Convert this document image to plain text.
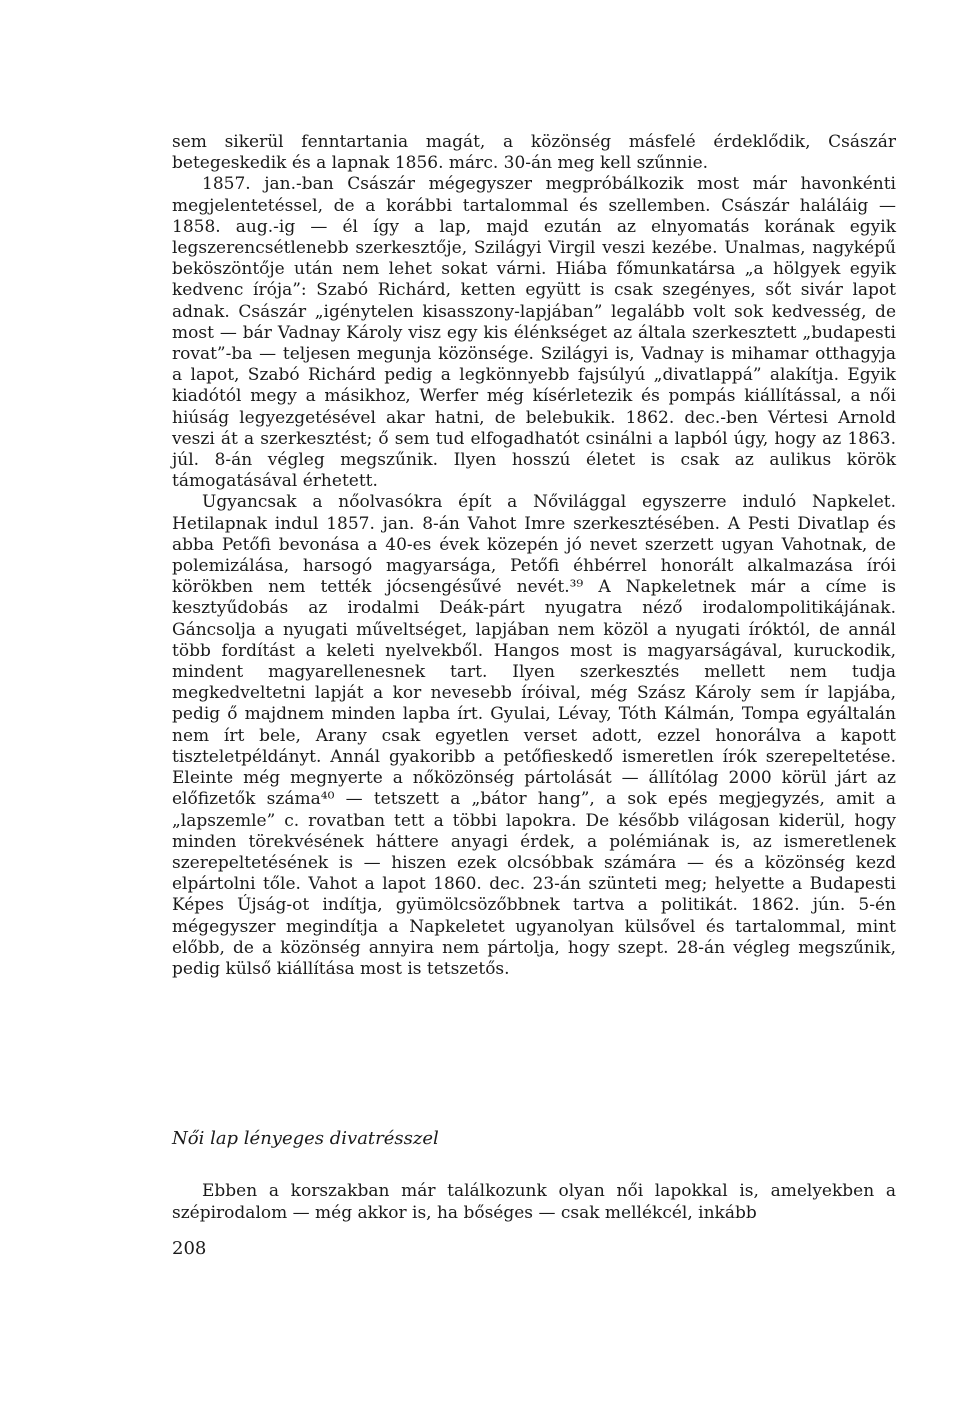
sem sikerül fenntartania magát, a közönség másfelé érdeklődik, Császár betegeskedik és a lapnak 1856. márc. 30-án meg kell szűnnie.

1857. jan.-ban Császár mégegyszer megpróbálkozik most már havonkénti megjelentetéssel, de a korábbi tartalommal és szellemben. Császár haláláig — 1858. aug.-ig — él így a lap, majd ezután az elnyomatás korának egyik legszerencsétlenebb szerkesztője, Szilágyi Virgil veszi kezébe. Unalmas, nagyképű beköszöntője után nem lehet sokat várni. Hiába főmunkatársa „a hölgyek egyik kedvenc írója”: Szabó Richárd, ketten együtt is csak szegényes, sőt sivár lapot adnak. Császár „igénytelen kisasszony-lapjában” legalább volt sok kedvesség, de most — bár Vadnay Károly visz egy kis élénkséget az általa szerkesztett „budapesti rovat”-ba — teljesen megunja közönsége. Szilágyi is, Vadnay is mihamar otthagyja a lapot, Szabó Richárd pedig a legkönnyebb fajsúlyú „divatlappá” alakítja. Egyik kiadótól megy a másikhoz, Werfer még kísérletezik és pompás kiállítással, a női hiúság legyezgetésével akar hatni, de belebukik. 1862. dec.-ben Vértesi Arnold veszi át a szerkesztést; ő sem tud elfogadhatót csinálni a lapból úgy, hogy az 1863. júl. 8-án végleg megszűnik. Ilyen hosszú életet is csak az aulikus körök támogatásával érhetett.

Ugyancsak a nőolvasókra épít a Nővilággal egyszerre induló Napkelet. Hetilapnak indul 1857. jan. 8-án Vahot Imre szerkesztésében. A Pesti Divatlap és abba Petőfi bevonása a 40-es évek közepén jó nevet szerzett ugyan Vahotnak, de polemizálása, harsogó magyarsága, Petőfi éhbérrel honorált alkalmazása írói körökben nem tették jócsengésűvé nevét.³⁹ A Napkeletnek már a címe is kesztyűdobás az irodalmi Deák-párt nyugatra néző irodalompolitikájának. Gáncsolja a nyugati műveltséget, lapjában nem közöl a nyugati íróktól, de annál több fordítást a keleti nyelvekből. Hangos most is magyarságával, kuruckodik, mindent magyarellenesnek tart. Ilyen szerkesztés mellett nem tudja megkedveltetni lapját a kor nevesebb íróival, még Szász Károly sem ír lapjába, pedig ő majdnem minden lapba írt. Gyulai, Lévay, Tóth Kálmán, Tompa egyáltalán nem írt bele, Arany csak egyetlen verset adott, ezzel honorálva a kapott tiszteletpéldányt. Annál gyakoribb a petőfieskedő ismeretlen írók szerepeltetése. Eleinte még megnyerte a nőközönség pártolását — állítólag 2000 körül járt az előfizetők száma⁴⁰ — tetszett a „bátor hang”, a sok epés megjegyzés, amit a „lapszemle” c. rovatban tett a többi lapokra. De később világosan kiderül, hogy minden törekvésének háttere anyagi érdek, a polémiának is, az ismeretlenek szerepeltetésének is — hiszen ezek olcsóbbak számára — és a közönség kezd elpártolni tőle. Vahot a lapot 1860. dec. 23-án szünteti meg; helyette a Budapesti Képes Újság-ot indítja, gyümölcsözőbbnek tartva a politikát. 1862. jún. 5-én mégegyszer megindítja a Napkeletet ugyanolyan külsővel és tartalommal, mint előbb, de a közönség annyira nem pártolja, hogy szept. 28-án végleg megszűnik, pedig külső kiállítása most is tetszetős.

Női lap lényeges divatrésszel

Ebben a korszakban már találkozunk olyan női lapokkal is, amelyekben a szépirodalom — még akkor is, ha bőséges — csak mellékcél, inkább

208
